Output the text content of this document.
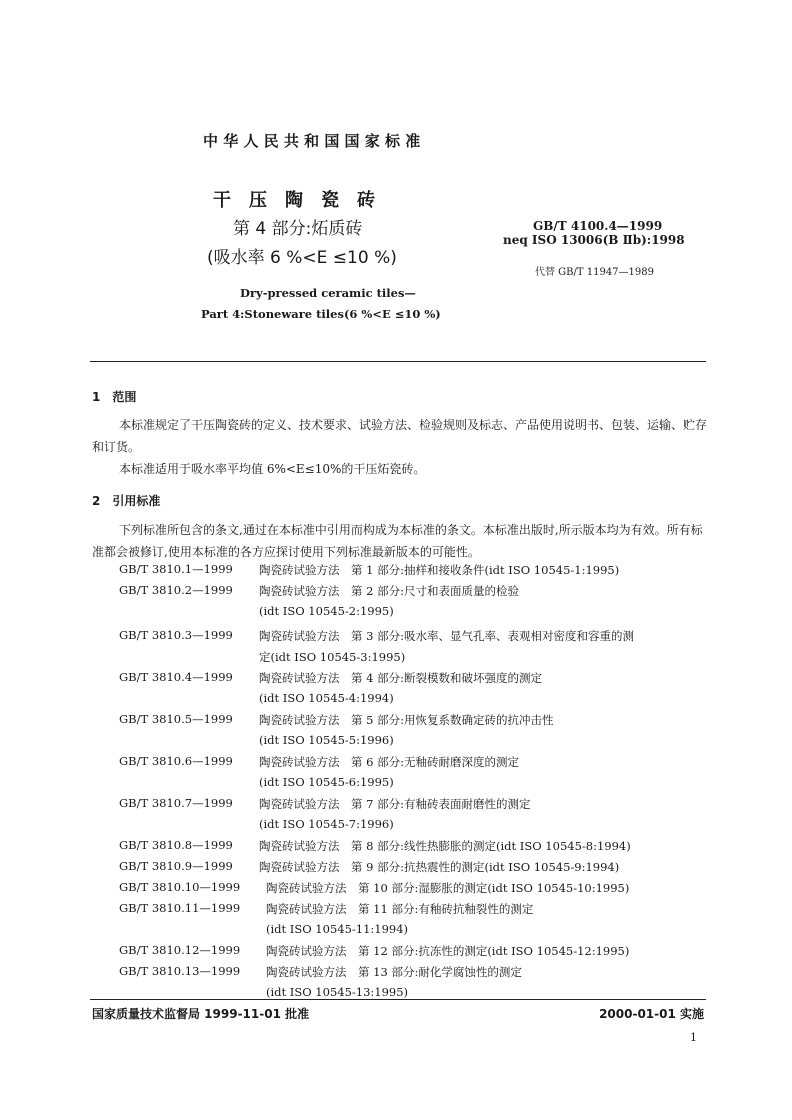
中 华 人 民 共 和 国 国 家 标 准
干　压　陶　瓷　砖
第 4 部分:炻质砖
(吸水率 6 %<E ≤10 %)
GB/T 4100.4—1999
neq ISO 13006(B Ⅱb):1998
代替 GB/T 11947—1989
Dry-pressed ceramic tiles—
Part 4:Stoneware tiles(6 %<E ≤10 %)
1　范围
本标准规定了干压陶瓷砖的定义、技术要求、试验方法、检验规则及标志、产品使用说明书、包装、运输、贮存和订货。
本标准适用于吸水率平均值 6%<E≤10%的干压炻瓷砖。
2　引用标准
下列标准所包含的条文,通过在本标准中引用而构成为本标准的条文。本标准出版时,所示版本均为有效。所有标准都会被修订,使用本标准的各方应探讨使用下列标准最新版本的可能性。
GB/T 3810.1—1999 陶瓷砖试验方法　第 1 部分:抽样和接收条件(idt ISO 10545-1:1995)
GB/T 3810.2—1999 陶瓷砖试验方法　第 2 部分:尺寸和表面质量的检验
(idt ISO 10545-2:1995)
GB/T 3810.3—1999 陶瓷砖试验方法　第 3 部分:吸水率、显气孔率、表观相对密度和容重的测
定(idt ISO 10545-3:1995)
GB/T 3810.4—1999 陶瓷砖试验方法　第 4 部分:断裂模数和破坏强度的测定
(idt ISO 10545-4:1994)
GB/T 3810.5—1999 陶瓷砖试验方法　第 5 部分:用恢复系数确定砖的抗冲击性
(idt ISO 10545-5:1996)
GB/T 3810.6—1999 陶瓷砖试验方法　第 6 部分:无釉砖耐磨深度的测定
(idt ISO 10545-6:1995)
GB/T 3810.7—1999 陶瓷砖试验方法　第 7 部分:有釉砖表面耐磨性的测定
(idt ISO 10545-7:1996)
GB/T 3810.8—1999 陶瓷砖试验方法　第 8 部分:线性热膨胀的测定(idt ISO 10545-8:1994)
GB/T 3810.9—1999 陶瓷砖试验方法　第 9 部分:抗热震性的测定(idt ISO 10545-9:1994)
GB/T 3810.10—1999 陶瓷砖试验方法　第 10 部分:湿膨胀的测定(idt ISO 10545-10:1995)
GB/T 3810.11—1999 陶瓷砖试验方法　第 11 部分:有釉砖抗釉裂性的测定
(idt ISO 10545-11:1994)
GB/T 3810.12—1999 陶瓷砖试验方法　第 12 部分:抗冻性的测定(idt ISO 10545-12:1995)
GB/T 3810.13—1999 陶瓷砖试验方法　第 13 部分:耐化学腐蚀性的测定
(idt ISO 10545-13:1995)
国家质量技术监督局 1999-11-01 批准	2000-01-01 实施
1
